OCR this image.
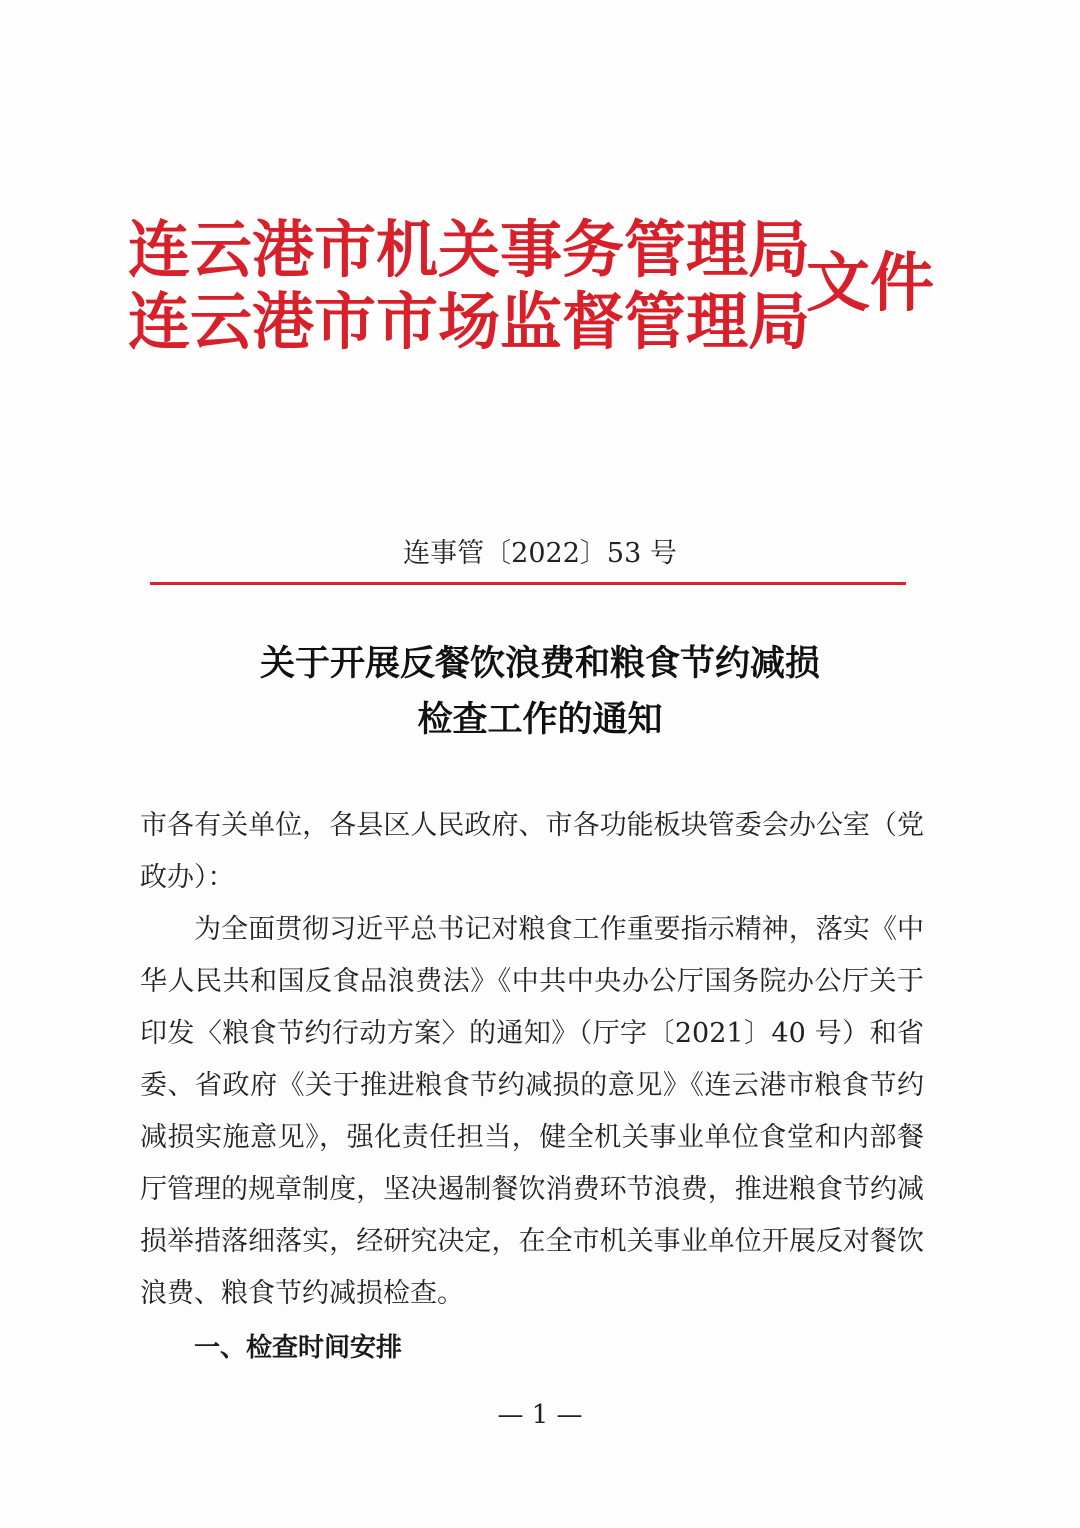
连云港市机关事务管理局
连云港市市场监督管理局
文件
连事管〔2022〕53 号
关于开展反餐饮浪费和粮食节约减损
检查工作的通知

市各有关单位，各县区人民政府、市各功能板块管委会办公室（党政办）：

为全面贯彻习近平总书记对粮食工作重要指示精神，落实《中华人民共和国反食品浪费法》《中共中央办公厅国务院办公厅关于印发〈粮食节约行动方案〉的通知》（厅字〔2021〕40 号）和省委、省政府《关于推进粮食节约减损的意见》《连云港市粮食节约减损实施意见》，强化责任担当，健全机关事业单位食堂和内部餐厅管理的规章制度，坚决遏制餐饮消费环节浪费，推进粮食节约减损举措落细落实，经研究决定，在全市机关事业单位开展反对餐饮浪费、粮食节约减损检查。

一、检查时间安排

— 1 —
